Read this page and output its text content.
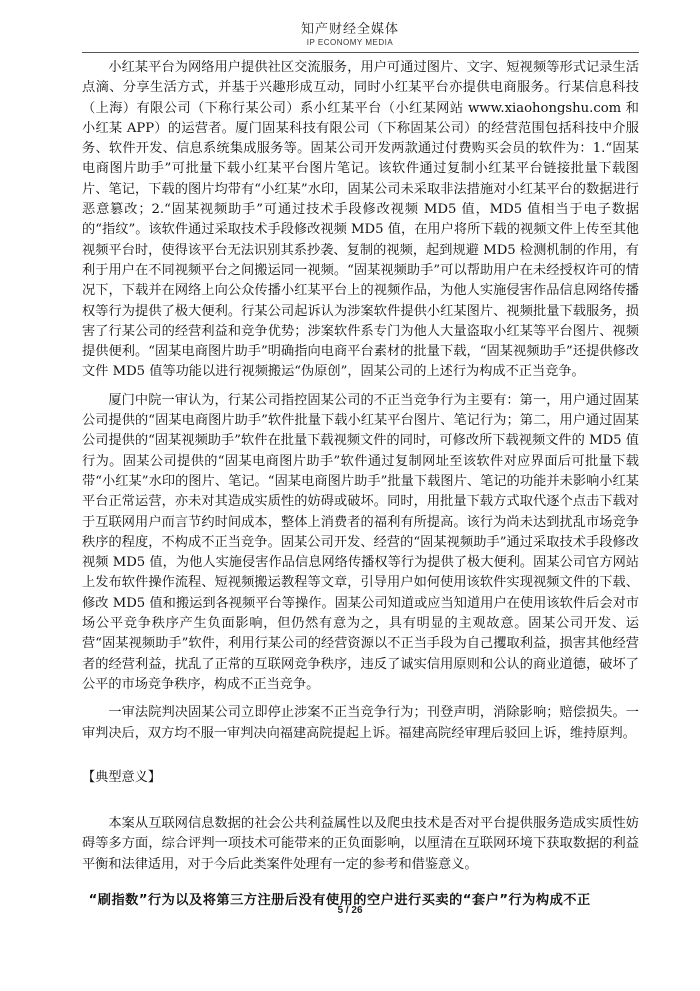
知产财经全媒体
IP ECONOMY MEDIA

小红某平台为网络用户提供社区交流服务，用户可通过图片、文字、短视频等形式记录生活点滴、分享生活方式，并基于兴趣形成互动，同时小红某平台亦提供电商服务。行某信息科技（上海）有限公司（下称行某公司）系小红某平台（小红某网站 www.xiaohongshu.com 和小红某 APP）的运营者。厦门固某科技有限公司（下称固某公司）的经营范围包括科技中介服务、软件开发、信息系统集成服务等。固某公司开发两款通过付费购买会员的软件为：1.“固某电商图片助手”可批量下载小红某平台图片笔记。该软件通过复制小红某平台链接批量下载图片、笔记，下载的图片均带有“小红某”水印，固某公司未采取非法措施对小红某平台的数据进行恶意篡改；2.“固某视频助手”可通过技术手段修改视频 MD5 值，MD5 值相当于电子数据的“指纹”。该软件通过采取技术手段修改视频 MD5 值，在用户将所下载的视频文件上传至其他视频平台时，使得该平台无法识别其系抄袭、复制的视频，起到规避 MD5 检测机制的作用，有利于用户在不同视频平台之间搬运同一视频。“固某视频助手”可以帮助用户在未经授权许可的情况下，下载并在网络上向公众传播小红某平台上的视频作品，为他人实施侵害作品信息网络传播权等行为提供了极大便利。行某公司起诉认为涉案软件提供小红某图片、视频批量下载服务，损害了行某公司的经营利益和竞争优势；涉案软件系专门为他人大量盗取小红某等平台图片、视频提供便利。“固某电商图片助手”明确指向电商平台素材的批量下载，“固某视频助手”还提供修改文件 MD5 值等功能以进行视频搬运“伪原创”，固某公司的上述行为构成不正当竞争。

厦门中院一审认为，行某公司指控固某公司的不正当竞争行为主要有：第一，用户通过固某公司提供的“固某电商图片助手”软件批量下载小红某平台图片、笔记行为；第二，用户通过固某公司提供的“固某视频助手”软件在批量下载视频文件的同时，可修改所下载视频文件的 MD5 值行为。固某公司提供的“固某电商图片助手”软件通过复制网址至该软件对应界面后可批量下载带“小红某”水印的图片、笔记。“固某电商图片助手”批量下载图片、笔记的功能并未影响小红某平台正常运营，亦未对其造成实质性的妨碍或破坏。同时，用批量下载方式取代逐个点击下载对于互联网用户而言节约时间成本，整体上消费者的福利有所提高。该行为尚未达到扰乱市场竞争秩序的程度，不构成不正当竞争。固某公司开发、经营的“固某视频助手”通过采取技术手段修改视频 MD5 值，为他人实施侵害作品信息网络传播权等行为提供了极大便利。固某公司官方网站上发布软件操作流程、短视频搬运教程等文章，引导用户如何使用该软件实现视频文件的下载、修改 MD5 值和搬运到各视频平台等操作。固某公司知道或应当知道用户在使用该软件后会对市场公平竞争秩序产生负面影响，但仍然有意为之，具有明显的主观故意。固某公司开发、运营“固某视频助手”软件，利用行某公司的经营资源以不正当手段为自己攫取利益，损害其他经营者的经营利益，扰乱了正常的互联网竞争秩序，违反了诚实信用原则和公认的商业道德，破坏了公平的市场竞争秩序，构成不正当竞争。

一审法院判决固某公司立即停止涉案不正当竞争行为；刊登声明，消除影响；赔偿损失。一审判决后，双方均不服一审判决向福建高院提起上诉。福建高院经审理后驳回上诉，维持原判。

【典型意义】

本案从互联网信息数据的社会公共利益属性以及爬虫技术是否对平台提供服务造成实质性妨碍等多方面，综合评判一项技术可能带来的正负面影响，以厘清在互联网环境下获取数据的利益平衡和法律适用，对于今后此类案件处理有一定的参考和借鉴意义。

“刷指数”行为以及将第三方注册后没有使用的空户进行买卖的“套户”行为构成不正

5 / 26
